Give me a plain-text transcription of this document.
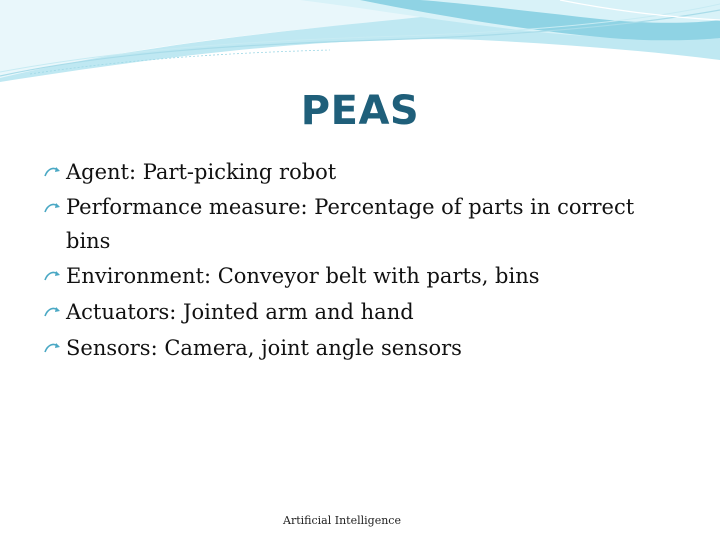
PEAS
Agent: Part-picking robot
Performance measure: Percentage of parts in correct bins
Environment: Conveyor belt with parts, bins
Actuators: Jointed arm and hand
Sensors: Camera, joint angle sensors
Artificial Intelligence
